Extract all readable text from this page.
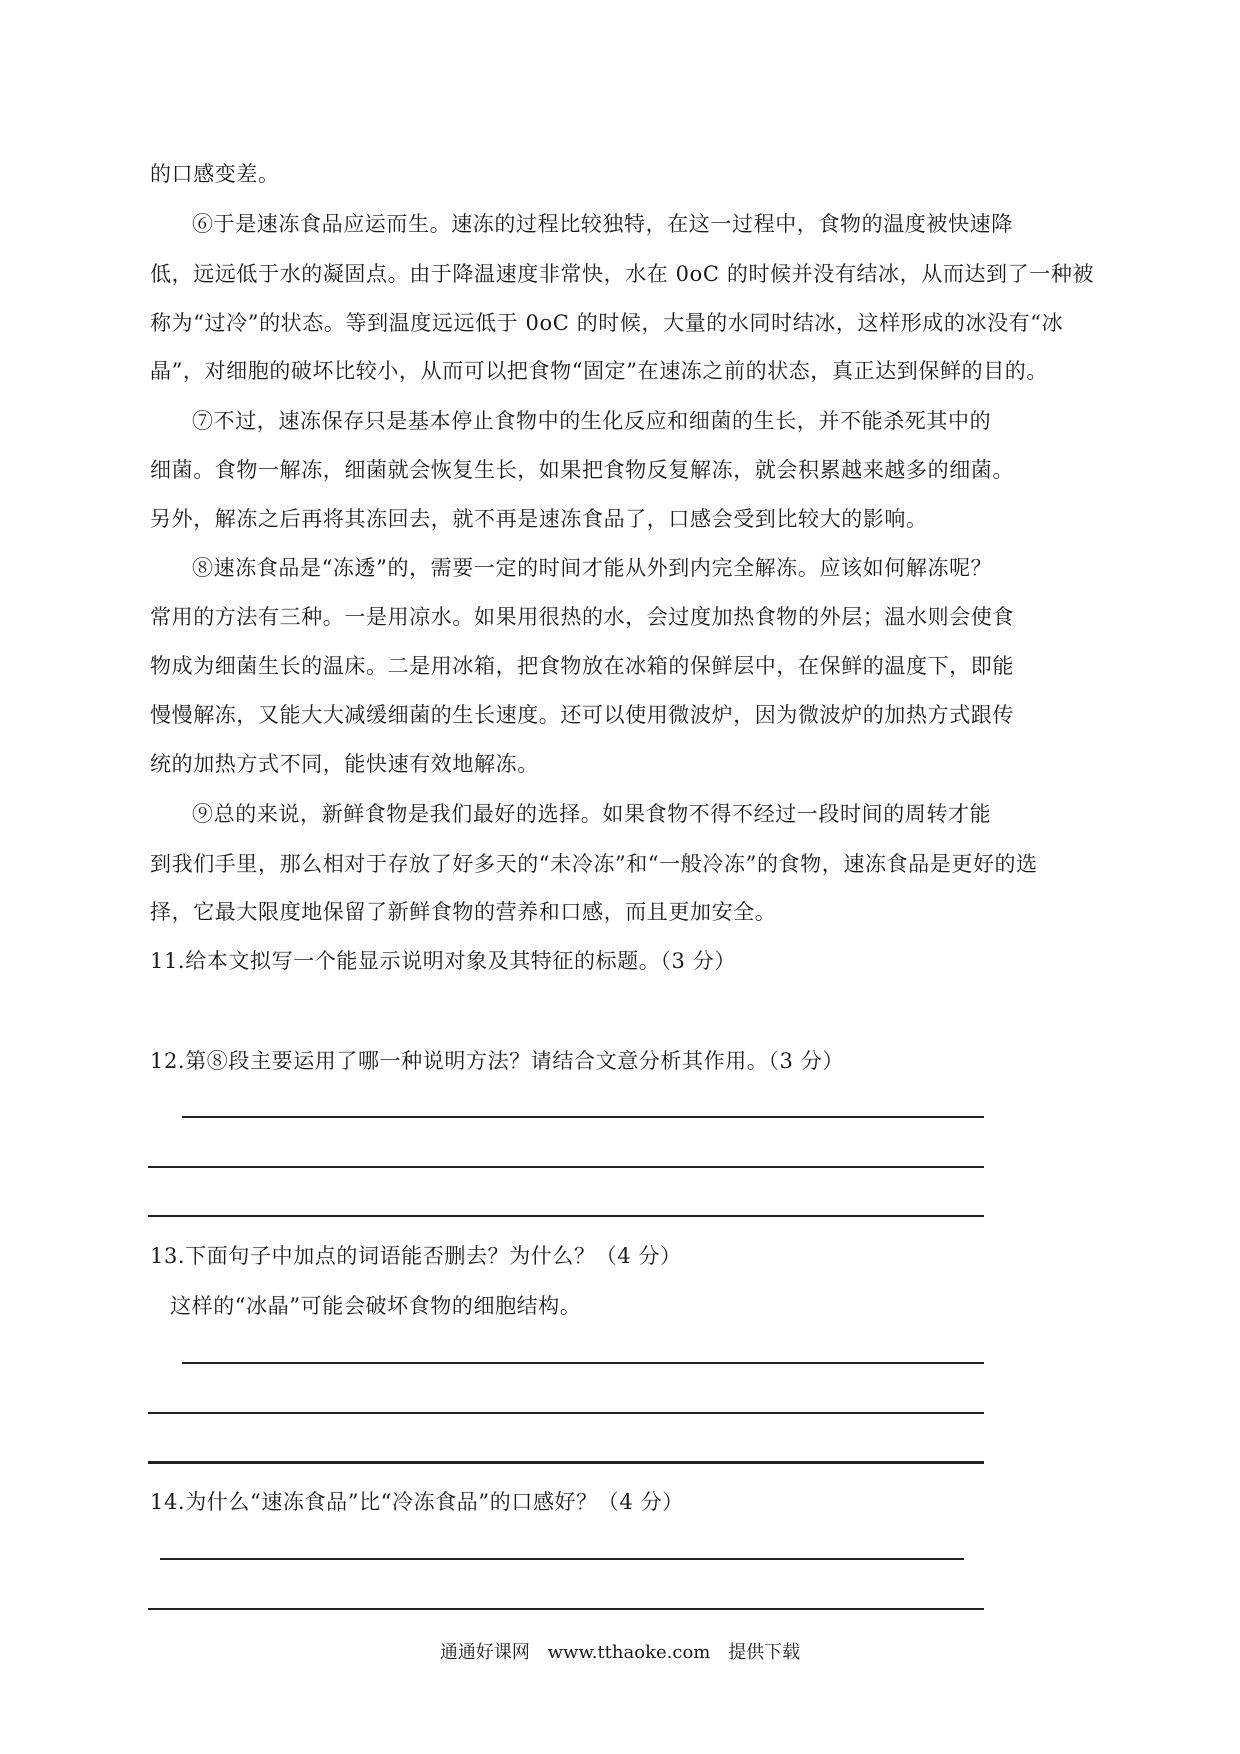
的口感变差。
⑥于是速冻食品应运而生。速冻的过程比较独特，在这一过程中，食物的温度被快速降
低，远远低于水的凝固点。由于降温速度非常快，水在 0oC 的时候并没有结冰，从而达到了一种被
称为“过冷”的状态。等到温度远远低于 0oC 的时候，大量的水同时结冰，这样形成的冰没有“冰
晶”，对细胞的破坏比较小，从而可以把食物“固定”在速冻之前的状态，真正达到保鲜的目的。
⑦不过，速冻保存只是基本停止食物中的生化反应和细菌的生长，并不能杀死其中的
细菌。食物一解冻，细菌就会恢复生长，如果把食物反复解冻，就会积累越来越多的细菌。
另外，解冻之后再将其冻回去，就不再是速冻食品了，口感会受到比较大的影响。
⑧速冻食品是“冻透”的，需要一定的时间才能从外到内完全解冻。应该如何解冻呢？
常用的方法有三种。一是用凉水。如果用很热的水，会过度加热食物的外层；温水则会使食
物成为细菌生长的温床。二是用冰箱，把食物放在冰箱的保鲜层中，在保鲜的温度下，即能
慢慢解冻，又能大大减缓细菌的生长速度。还可以使用微波炉，因为微波炉的加热方式跟传
统的加热方式不同，能快速有效地解冻。
⑨总的来说，新鲜食物是我们最好的选择。如果食物不得不经过一段时间的周转才能
到我们手里，那么相对于存放了好多天的“未冷冻”和“一般冷冻”的食物，速冻食品是更好的选
择，它最大限度地保留了新鲜食物的营养和口感，而且更加安全。
11.给本文拟写一个能显示说明对象及其特征的标题。（3 分）
12.第⑧段主要运用了哪一种说明方法？请结合文意分析其作用。（3 分）
13.下面句子中加点的词语能否删去？为什么？（4 分）
这样的“冰晶”可能会破坏食物的细胞结构。
14.为什么“速冻食品”比“冷冻食品”的口感好？（4 分）
通通好课网 www.tthaoke.com 提供下载
